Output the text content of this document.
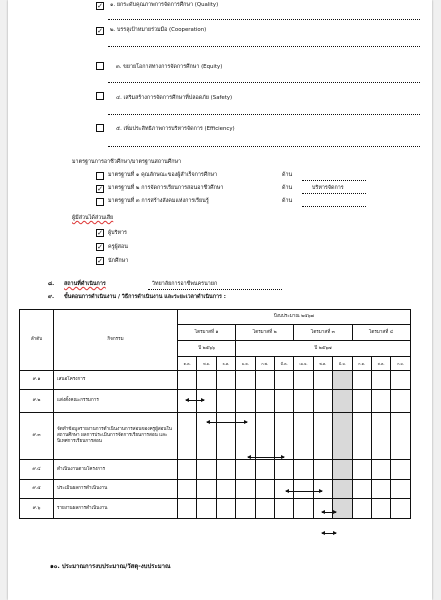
✓ ๑. ยกระดับคุณภาพการจัดการศึกษา (Quality)
✓ ๒. บรรลุเป้าหมายร่วมมือ (Cooperation)
๓. ขยายโอกาสทางการจัดการศึกษา (Equity)
๔. เสริมสร้างการจัดการศึกษาที่ปลอดภัย (Safety)
๕. เพิ่มประสิทธิภาพการบริหารจัดการ (Efficiency)
มาตรฐานการอาชีวศึกษา/มาตรฐานสถานศึกษา
มาตรฐานที่ ๑ คุณลักษณะของผู้สำเร็จการศึกษา	ด้าน
✓ มาตรฐานที่ ๒ การจัดการเรียนการสอนอาชีวศึกษา	ด้าน	บริหารจัดการ
มาตรฐานที่ ๓ การสร้างสังคมแห่งการเรียนรู้	ด้าน
ผู้มีส่วนได้ส่วนเสีย
✓ ผู้บริหาร
✓ ครูผู้สอน
✓ นักศึกษา
๘. สถานที่ดำเนินการ	วิทยาลัยการอาชีพนครนายก
๙. ขั้นตอนการดำเนินงาน / วิธีการดำเนินงาน และระยะเวลาดำเนินการ :
๑๐. ประมาณการงบประมาณ/วัสดุ-งบประมาณ
ลำดับ	กิจกรรม	ปีงบประมาณ ๒๕๖๗											
		ไตรมาสที่ ๑			ไตรมาสที่ ๒			ไตรมาสที่ ๓			ไตรมาสที่ ๔		
		ปี ๒๕๖๖			ปี ๒๕๖๗								
		ต.ค.	พ.ย.	ธ.ค.	ม.ค.	ก.พ.	มี.ค.	เม.ย.	พ.ค.	มิ.ย.	ก.ค.	ส.ค.	ก.ย.
๙.๑	เสนอโครงการ												
๙.๒	แต่งตั้งคณะกรรมการ												
๙.๓	จัดทำข้อมูลรายงานการดำเนินงานการสอนของครูผู้สอนในสถานศึกษา ผลการประเมินการจัดการเรียนการสอน และนิเทศการเรียนการสอน												
๙.๔	ดำเนินงานตามโครงการ												
๙.๕	ประเมินผลการดำเนินงาน												
๙.๖	รายงานผลการดำเนินงาน												
